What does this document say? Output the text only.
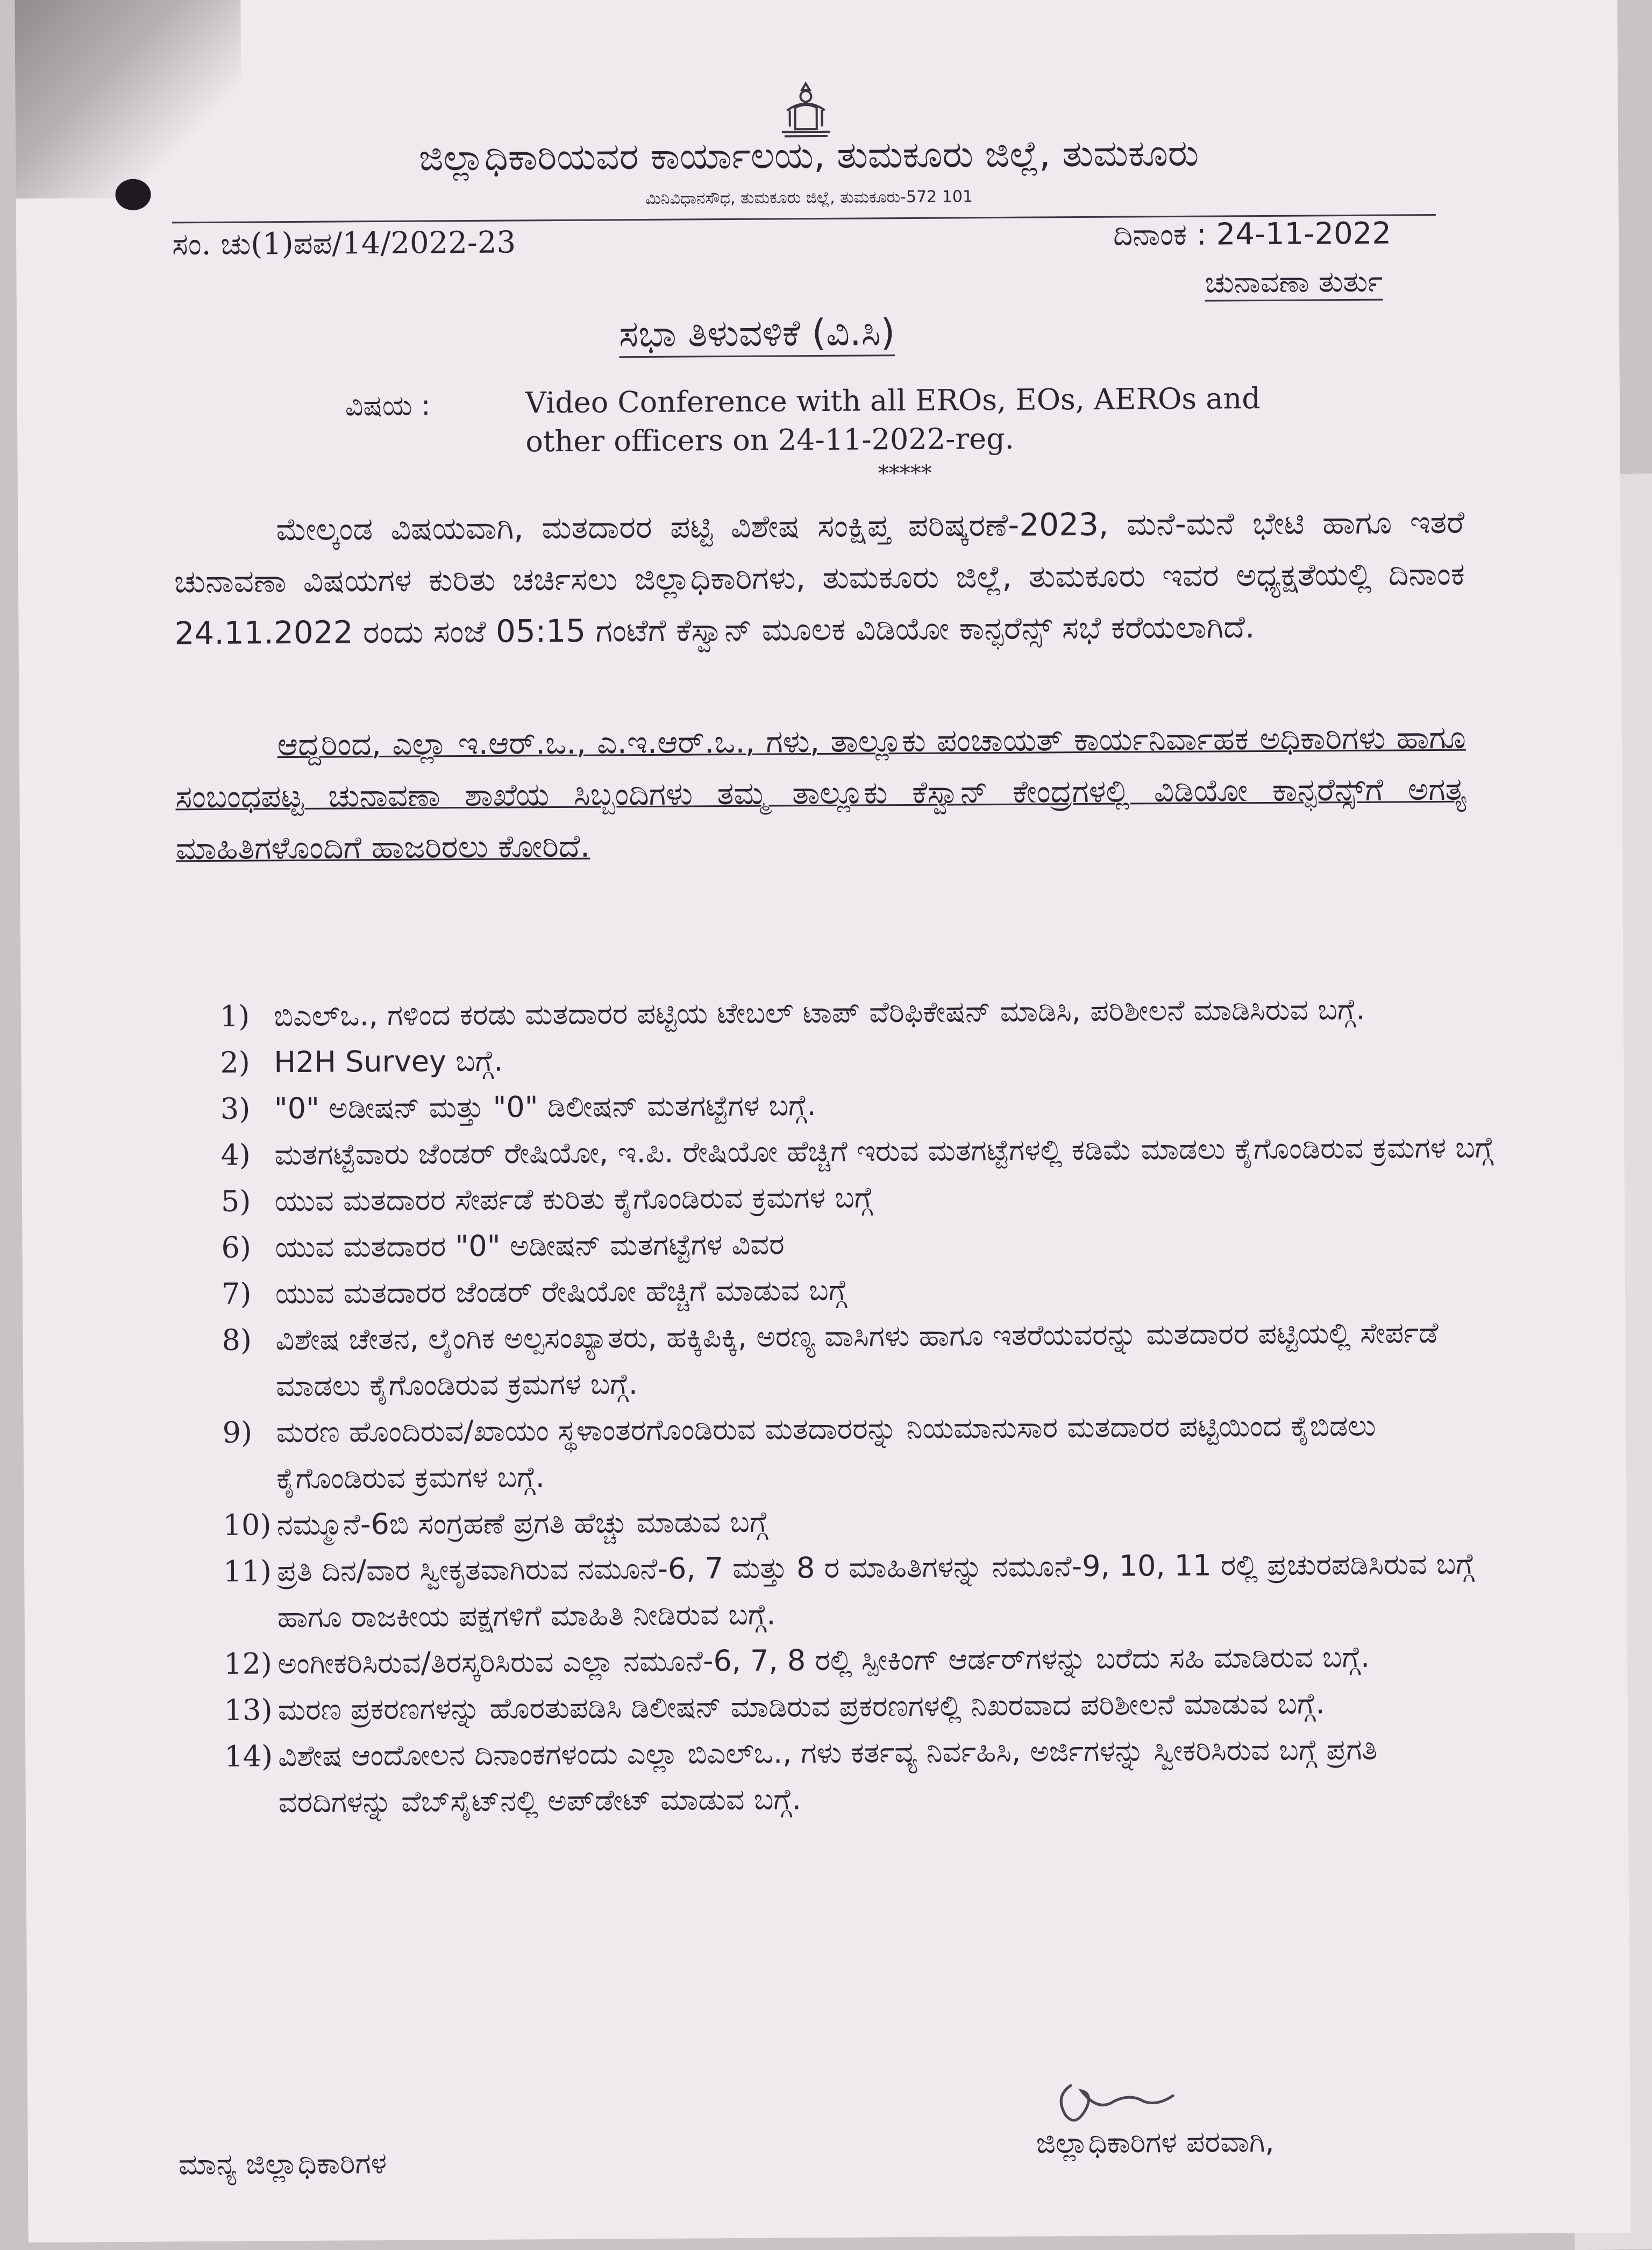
ಜಿಲ್ಲಾಧಿಕಾರಿಯವರ ಕಾರ್ಯಾಲಯ, ತುಮಕೂರು ಜಿಲ್ಲೆ, ತುಮಕೂರು
ಮಿನಿವಿಧಾನಸೌಧ, ತುಮಕೂರು ಜಿಲ್ಲೆ, ತುಮಕೂರು-572 101
ಸಂ. ಚು(1)ಪಪ/14/2022-23	ದಿನಾಂಕ : 24-11-2022
ಚುನಾವಣಾ ತುರ್ತು
ಸಭಾ ತಿಳುವಳಿಕೆ (ವಿ.ಸಿ)
ವಿಷಯ :	Video Conference with all EROs, EOs, AEROs and other officers on 24-11-2022-reg.
*****
ಮೇಲ್ಕಂಡ ವಿಷಯವಾಗಿ, ಮತದಾರರ ಪಟ್ಟಿ ವಿಶೇಷ ಸಂಕ್ಷಿಪ್ತ ಪರಿಷ್ಕರಣೆ-2023, ಮನೆ-ಮನೆ ಭೇಟಿ ಹಾಗೂ ಇತರೆ ಚುನಾವಣಾ ವಿಷಯಗಳ ಕುರಿತು ಚರ್ಚಿಸಲು ಜಿಲ್ಲಾಧಿಕಾರಿಗಳು, ತುಮಕೂರು ಜಿಲ್ಲೆ, ತುಮಕೂರು ಇವರ ಅಧ್ಯಕ್ಷತೆಯಲ್ಲಿ ದಿನಾಂಕ 24.11.2022 ರಂದು ಸಂಜೆ 05:15 ಗಂಟೆಗೆ ಕೆಸ್ವಾನ್ ಮೂಲಕ ವಿಡಿಯೋ ಕಾನ್ಫರೆನ್ಸ್ ಸಭೆ ಕರೆಯಲಾಗಿದೆ.
ಆದ್ದರಿಂದ, ಎಲ್ಲಾ ಇ.ಆರ್.ಒ., ಎ.ಇ.ಆರ್.ಒ., ಗಳು, ತಾಲ್ಲೂಕು ಪಂಚಾಯತ್ ಕಾರ್ಯನಿರ್ವಾಹಕ ಅಧಿಕಾರಿಗಳು ಹಾಗೂ ಸಂಬಂಧಪಟ್ಟ ಚುನಾವಣಾ ಶಾಖೆಯ ಸಿಬ್ಬಂದಿಗಳು ತಮ್ಮ ತಾಲ್ಲೂಕು ಕೆಸ್ವಾನ್ ಕೇಂದ್ರಗಳಲ್ಲಿ ವಿಡಿಯೋ ಕಾನ್ಫರೆನ್ಸ್‌ಗೆ ಅಗತ್ಯ ಮಾಹಿತಿಗಳೊಂದಿಗೆ ಹಾಜರಿರಲು ಕೋರಿದೆ.
1) ಬಿಎಲ್‌ಒ., ಗಳಿಂದ ಕರಡು ಮತದಾರರ ಪಟ್ಟಿಯ ಟೇಬಲ್ ಟಾಪ್ ವೆರಿಫಿಕೇಷನ್ ಮಾಡಿಸಿ, ಪರಿಶೀಲನೆ ಮಾಡಿಸಿರುವ ಬಗ್ಗೆ.
2) H2H Survey ಬಗ್ಗೆ.
3) "0" ಅಡೀಷನ್ ಮತ್ತು "0" ಡಿಲೀಷನ್ ಮತಗಟ್ಟೆಗಳ ಬಗ್ಗೆ.
4) ಮತಗಟ್ಟೆವಾರು ಜೆಂಡರ್ ರೇಷಿಯೋ, ಇ.ಪಿ. ರೇಷಿಯೋ ಹೆಚ್ಚಿಗೆ ಇರುವ ಮತಗಟ್ಟೆಗಳಲ್ಲಿ ಕಡಿಮೆ ಮಾಡಲು ಕೈಗೊಂಡಿರುವ ಕ್ರಮಗಳ ಬಗ್ಗೆ
5) ಯುವ ಮತದಾರರ ಸೇರ್ಪಡೆ ಕುರಿತು ಕೈಗೊಂಡಿರುವ ಕ್ರಮಗಳ ಬಗ್ಗೆ
6) ಯುವ ಮತದಾರರ "0" ಅಡೀಷನ್ ಮತಗಟ್ಟೆಗಳ ವಿವರ
7) ಯುವ ಮತದಾರರ ಜೆಂಡರ್ ರೇಷಿಯೋ ಹೆಚ್ಚಿಗೆ ಮಾಡುವ ಬಗ್ಗೆ
8) ವಿಶೇಷ ಚೇತನ, ಲೈಂಗಿಕ ಅಲ್ಪಸಂಖ್ಯಾತರು, ಹಕ್ಕಿಪಿಕ್ಕಿ, ಅರಣ್ಯ ವಾಸಿಗಳು ಹಾಗೂ ಇತರೆಯವರನ್ನು ಮತದಾರರ ಪಟ್ಟಿಯಲ್ಲಿ ಸೇರ್ಪಡೆ ಮಾಡಲು ಕೈಗೊಂಡಿರುವ ಕ್ರಮಗಳ ಬಗ್ಗೆ.
9) ಮರಣ ಹೊಂದಿರುವ/ಖಾಯಂ ಸ್ಥಳಾಂತರಗೊಂಡಿರುವ ಮತದಾರರನ್ನು ನಿಯಮಾನುಸಾರ ಮತದಾರರ ಪಟ್ಟಿಯಿಂದ ಕೈಬಿಡಲು ಕೈಗೊಂಡಿರುವ ಕ್ರಮಗಳ ಬಗ್ಗೆ.
10) ನಮ್ಮೂನೆ-6ಬಿ ಸಂಗ್ರಹಣೆ ಪ್ರಗತಿ ಹೆಚ್ಚು ಮಾಡುವ ಬಗ್ಗೆ
11) ಪ್ರತಿ ದಿನ/ವಾರ ಸ್ವೀಕೃತವಾಗಿರುವ ನಮೂನೆ-6, 7 ಮತ್ತು 8 ರ ಮಾಹಿತಿಗಳನ್ನು ನಮೂನೆ-9, 10, 11 ರಲ್ಲಿ ಪ್ರಚುರಪಡಿಸಿರುವ ಬಗ್ಗೆ ಹಾಗೂ ರಾಜಕೀಯ ಪಕ್ಷಗಳಿಗೆ ಮಾಹಿತಿ ನೀಡಿರುವ ಬಗ್ಗೆ.
12) ಅಂಗೀಕರಿಸಿರುವ/ತಿರಸ್ಕರಿಸಿರುವ ಎಲ್ಲಾ ನಮೂನೆ-6, 7, 8 ರಲ್ಲಿ ಸ್ಪೀಕಿಂಗ್ ಆರ್ಡರ್‌ಗಳನ್ನು ಬರೆದು ಸಹಿ ಮಾಡಿರುವ ಬಗ್ಗೆ.
13) ಮರಣ ಪ್ರಕರಣಗಳನ್ನು ಹೊರತುಪಡಿಸಿ ಡಿಲೀಷನ್ ಮಾಡಿರುವ ಪ್ರಕರಣಗಳಲ್ಲಿ ನಿಖರವಾದ ಪರಿಶೀಲನೆ ಮಾಡುವ ಬಗ್ಗೆ.
14) ವಿಶೇಷ ಆಂದೋಲನ ದಿನಾಂಕಗಳಂದು ಎಲ್ಲಾ ಬಿಎಲ್‌ಒ., ಗಳು ಕರ್ತವ್ಯ ನಿರ್ವಹಿಸಿ, ಅರ್ಜಿಗಳನ್ನು ಸ್ವೀಕರಿಸಿರುವ ಬಗ್ಗೆ ಪ್ರಗತಿ ವರದಿಗಳನ್ನು ವೆಬ್‌ಸೈಟ್‌ನಲ್ಲಿ ಅಪ್‌ಡೇಟ್ ಮಾಡುವ ಬಗ್ಗೆ.
ಮಾನ್ಯ ಜಿಲ್ಲಾಧಿಕಾರಿಗಳ
ಜಿಲ್ಲಾಧಿಕಾರಿಗಳ ಪರವಾಗಿ,
